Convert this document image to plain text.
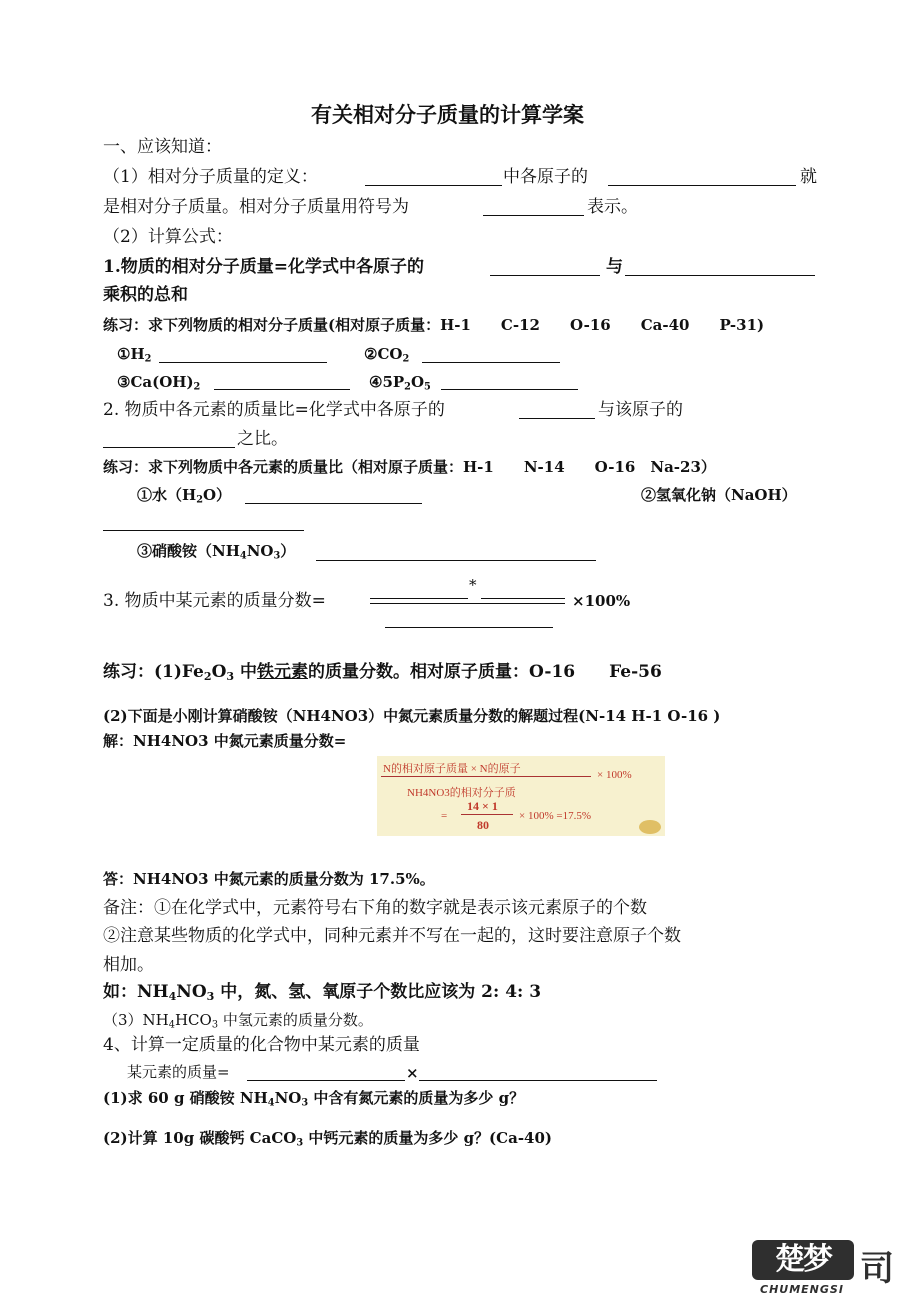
有关相对分子质量的计算学案
一、应该知道：
（1）相对分子质量的定义：	中各原子的	就
是相对分子质量。相对分子质量用符号为	表示。
（2）计算公式：
1.物质的相对分子质量=化学式中各原子的	与
乘积的总和
练习：求下列物质的相对分子质量(相对原子质量：H-1　　C-12　　O-16　　Ca-40　　P-31)
$①H_2$	$②CO_2$
$③Ca(OH)_2$	$④5P_2O_5$
2. 物质中各元素的质量比=化学式中各原子的	与该原子的
之比。
练习：求下列物质中各元素的质量比（相对原子质量：H-1　　N-14　　O-16　Na-23）
①水$(H_2O)$	②氢氧化钠（NaOH）
③硝酸铵$(NH_4NO_3)$
3. 物质中某元素的质量分数=
*
×100%
练习：$(1)Fe_2O_3$ 中铁元素的质量分数。相对原子质量：O-16　　Fe-56
(2)下面是小刚计算硝酸铵（NH4NO3）中氮元素质量分数的解题过程(N-14 H-1 O-16 )
解：NH4NO3 中氮元素质量分数=
N的相对原子质量 × N的原子	× 100%
NH4NO3的相对分子质
=
14 × 1
80
× 100% =17.5%
答：NH4NO3 中氮元素的质量分数为 17.5%。
备注：①在化学式中，元素符号右下角的数字就是表示该元素原子的个数
②注意某些物质的化学式中，同种元素并不写在一起的，这时要注意原子个数
相加。
如：$NH_4NO_3$ 中，氮、氢、氧原子个数比应该为 2: 4: 3
$(3)NH_4HCO_3$ 中氢元素的质量分数。
4、计算一定质量的化合物中某元素的质量
某元素的质量=	×
(1)求 60 g 硝酸铵 $NH_4NO_3$ 中含有氮元素的质量为多少 g？
(2)计算 10g 碳酸钙 CaCO$_3$ 中钙元素的质量为多少 g？(Ca-40)
楚梦 司
CHUMENGSI
